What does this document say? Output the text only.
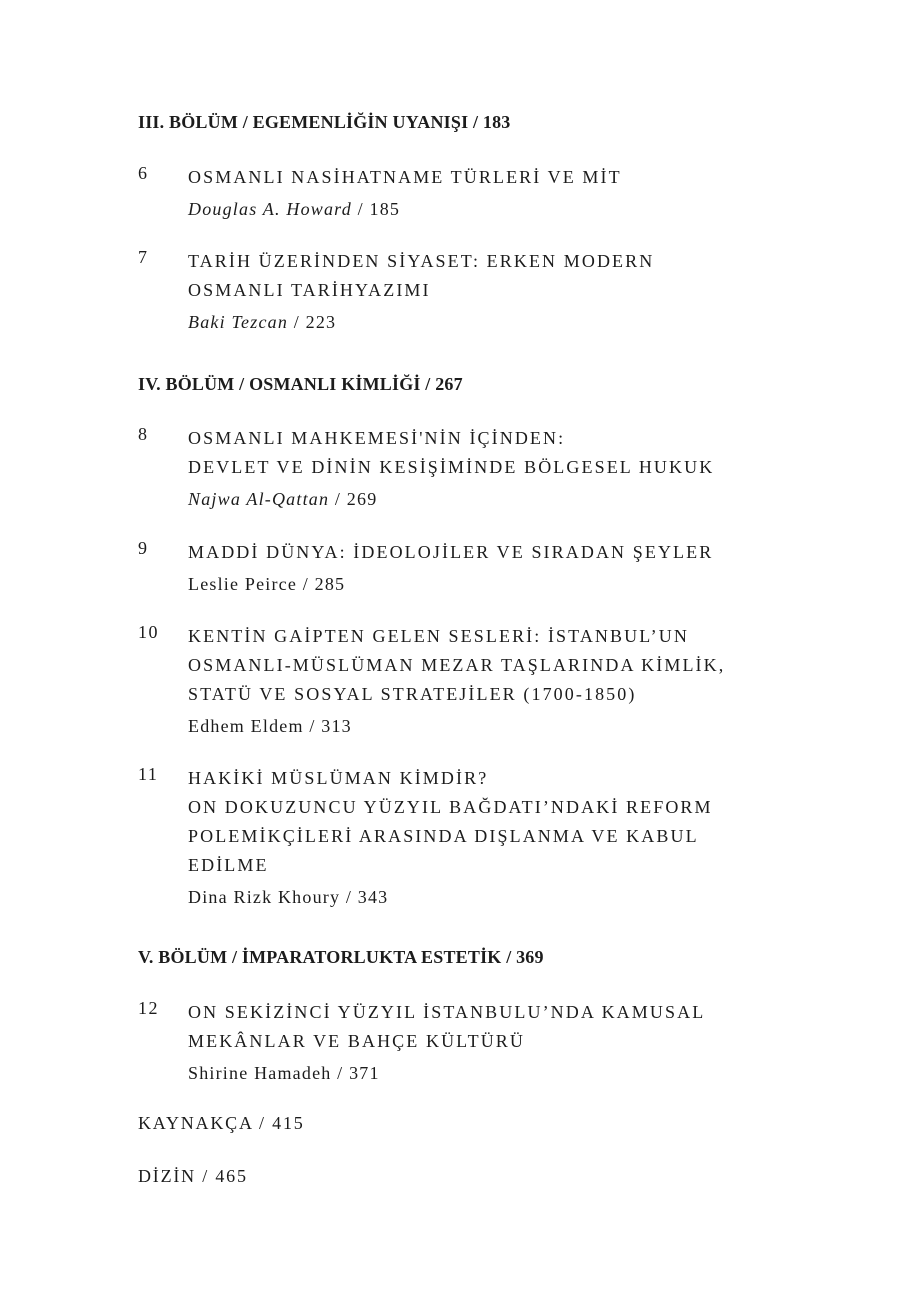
III. BÖLÜM / EGEMENLİĞİN UYANIŞI / 183
6 OSMANLI NASİHATNAME TÜRLERİ VE MİT
Douglas A. Howard / 185
7 TARİH ÜZERİNDEN SİYASET: ERKEN MODERN
OSMANLI TARİHYAZIMI
Baki Tezcan / 223
IV. BÖLÜM / OSMANLI KİMLİĞİ / 267
8 OSMANLI MAHKEMESİ'NİN İÇİNDEN:
DEVLET VE DİNİN KESİŞİMİNDE BÖLGESEL HUKUK
Najwa Al-Qattan / 269
9 MADDİ DÜNYA: İDEOLOJİLER VE SIRADAN ŞEYLER
Leslie Peirce / 285
10 KENTİN GAİPTEN GELEN SESLERİ: İSTANBUL’UN
OSMANLI-MÜSLÜMAN MEZAR TAŞLARINDA KİMLİK,
STATÜ VE SOSYAL STRATEJİLER (1700-1850)
Edhem Eldem / 313
11 HAKİKİ MÜSLÜMAN KİMDİR?
ON DOKUZUNCU YÜZYIL BAĞDATI’NDAKİ REFORM
POLEMİKÇİLERİ ARASINDA DIŞLANMA VE KABUL
EDİLME
Dina Rizk Khoury / 343
V. BÖLÜM / İMPARATORLUKTA ESTETİK / 369
12 ON SEKİZİNCİ YÜZYIL İSTANBULU’NDA KAMUSAL
MEKÂNLAR VE BAHÇE KÜLTÜRÜ
Shirine Hamadeh / 371
KAYNAKÇA / 415
DİZİN / 465
